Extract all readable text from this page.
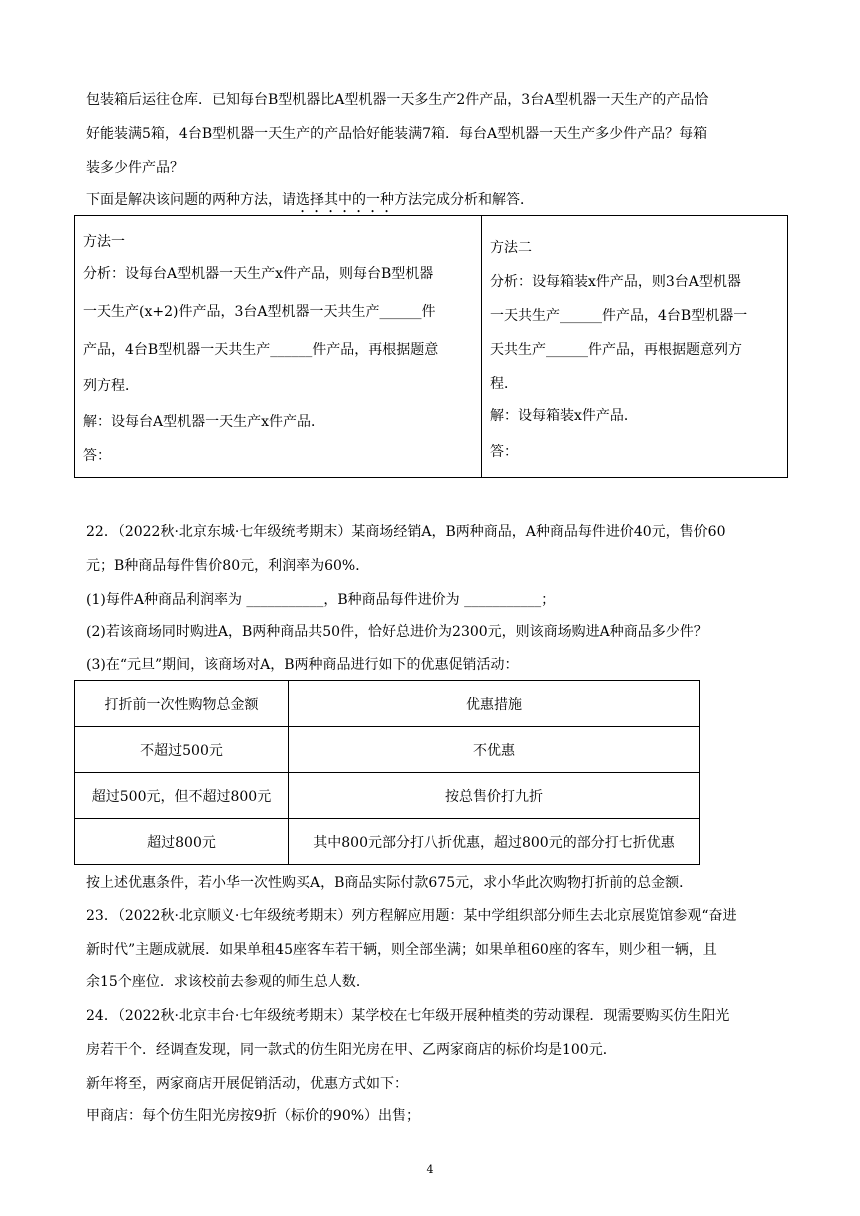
包装箱后运往仓库．已知每台B型机器比A型机器一天多生产2件产品，3台A型机器一天生产的产品恰
好能装满5箱，4台B型机器一天生产的产品恰好能装满7箱．每台A型机器一天生产多少件产品？每箱
装多少件产品？
下面是解决该问题的两种方法，请选择其中的一种方法完成分析和解答．
方法一
分析：设每台A型机器一天生产x件产品，则每台B型机器
一天生产(x+2)件产品，3台A型机器一天共生产______件
产品，4台B型机器一天共生产______件产品，再根据题意
列方程．
解：设每台A型机器一天生产x件产品．
答：
方法二
分析：设每箱装x件产品，则3台A型机器
一天共生产______件产品，4台B型机器一
天共生产______件产品，再根据题意列方
程．
解：设每箱装x件产品．
答：
22．（2022秋·北京东城·七年级统考期末）某商场经销A，B两种商品，A种商品每件进价40元，售价60
元；B种商品每件售价80元，利润率为60%．
(1)每件A种商品利润率为 ___________，B种商品每件进价为 ___________；
(2)若该商场同时购进A，B两种商品共50件，恰好总进价为2300元，则该商场购进A种商品多少件？
(3)在“元旦”期间，该商场对A，B两种商品进行如下的优惠促销活动：
打折前一次性购物总金额	优惠措施
不超过500元	不优惠
超过500元，但不超过800元	按总售价打九折
超过800元	其中800元部分打八折优惠，超过800元的部分打七折优惠
按上述优惠条件，若小华一次性购买A，B商品实际付款675元，求小华此次购物打折前的总金额．
23．（2022秋·北京顺义·七年级统考期末）列方程解应用题：某中学组织部分师生去北京展览馆参观“奋进
新时代”主题成就展．如果单租45座客车若干辆，则全部坐满；如果单租60座的客车，则少租一辆，且
余15个座位．求该校前去参观的师生总人数．
24．（2022秋·北京丰台·七年级统考期末）某学校在七年级开展种植类的劳动课程．现需要购买仿生阳光
房若干个．经调查发现，同一款式的仿生阳光房在甲、乙两家商店的标价均是100元．
新年将至，两家商店开展促销活动，优惠方式如下：
甲商店：每个仿生阳光房按9折（标价的90%）出售；
4
